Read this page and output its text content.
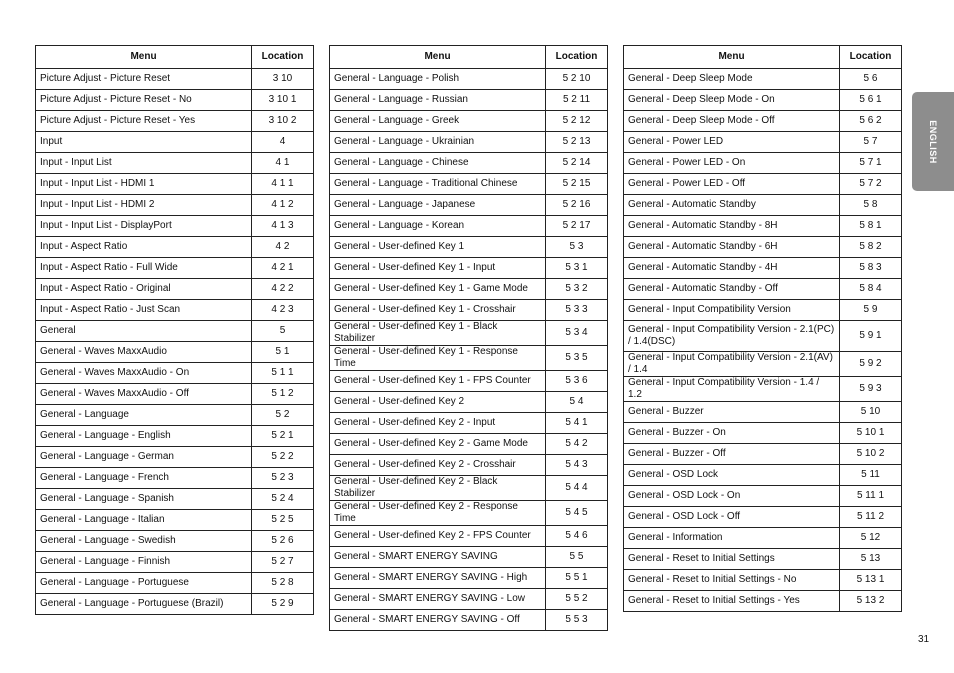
Menu	Location
Picture Adjust - Picture Reset	3 10
Picture Adjust - Picture Reset - No	3 10 1
Picture Adjust - Picture Reset - Yes	3 10 2
Input	4
Input - Input List	4 1
Input - Input List - HDMI 1	4 1 1
Input - Input List - HDMI 2	4 1 2
Input - Input List - DisplayPort	4 1 3
Input - Aspect Ratio	4 2
Input - Aspect Ratio - Full Wide	4 2 1
Input - Aspect Ratio - Original	4 2 2
Input - Aspect Ratio - Just Scan	4 2 3
General	5
General - Waves MaxxAudio	5 1
General - Waves MaxxAudio - On	5 1 1
General - Waves MaxxAudio - Off	5 1 2
General - Language	5 2
General - Language - English	5 2 1
General - Language - German	5 2 2
General - Language - French	5 2 3
General - Language - Spanish	5 2 4
General - Language - Italian	5 2 5
General - Language - Swedish	5 2 6
General - Language - Finnish	5 2 7
General - Language - Portuguese	5 2 8
General - Language - Portuguese (Brazil)	5 2 9
Menu	Location
General - Language - Polish	5 2 10
General - Language - Russian	5 2 11
General - Language - Greek	5 2 12
General - Language - Ukrainian	5 2 13
General - Language - Chinese	5 2 14
General - Language - Traditional Chinese	5 2 15
General - Language - Japanese	5 2 16
General - Language - Korean	5 2 17
General - User-defined Key 1	5 3
General - User-defined Key 1 - Input	5 3 1
General - User-defined Key 1 - Game Mode	5 3 2
General - User-defined Key 1 - Crosshair	5 3 3
General - User-defined Key 1 - Black Stabilizer	5 3 4
General - User-defined Key 1 - Response Time	5 3 5
General - User-defined Key 1 - FPS Counter	5 3 6
General - User-defined Key 2	5 4
General - User-defined Key 2 - Input	5 4 1
General - User-defined Key 2 - Game Mode	5 4 2
General - User-defined Key 2 - Crosshair	5 4 3
General - User-defined Key 2 - Black Stabilizer	5 4 4
General - User-defined Key 2 - Response Time	5 4 5
General - User-defined Key 2 - FPS Counter	5 4 6
General - SMART ENERGY SAVING	5 5
General - SMART ENERGY SAVING - High	5 5 1
General - SMART ENERGY SAVING - Low	5 5 2
General - SMART ENERGY SAVING - Off	5 5 3
Menu	Location
General - Deep Sleep Mode	5 6
General - Deep Sleep Mode - On	5 6 1
General - Deep Sleep Mode - Off	5 6 2
General - Power LED	5 7
General - Power LED - On	5 7 1
General - Power LED - Off	5 7 2
General - Automatic Standby	5 8
General - Automatic Standby - 8H	5 8 1
General - Automatic Standby - 6H	5 8 2
General - Automatic Standby - 4H	5 8 3
General - Automatic Standby - Off	5 8 4
General - Input Compatibility Version	5 9
General - Input Compatibility Version - 2.1(PC) / 1.4(DSC)	5 9 1
General - Input Compatibility Version - 2.1(AV) / 1.4	5 9 2
General - Input Compatibility Version - 1.4 / 1.2	5 9 3
General - Buzzer	5 10
General - Buzzer - On	5 10 1
General - Buzzer - Off	5 10 2
General - OSD Lock	5 11
General - OSD Lock - On	5 11 1
General - OSD Lock - Off	5 11 2
General - Information	5 12
General - Reset to Initial Settings	5 13
General - Reset to Initial Settings - No	5 13 1
General - Reset to Initial Settings - Yes	5 13 2
ENGLISH
31
